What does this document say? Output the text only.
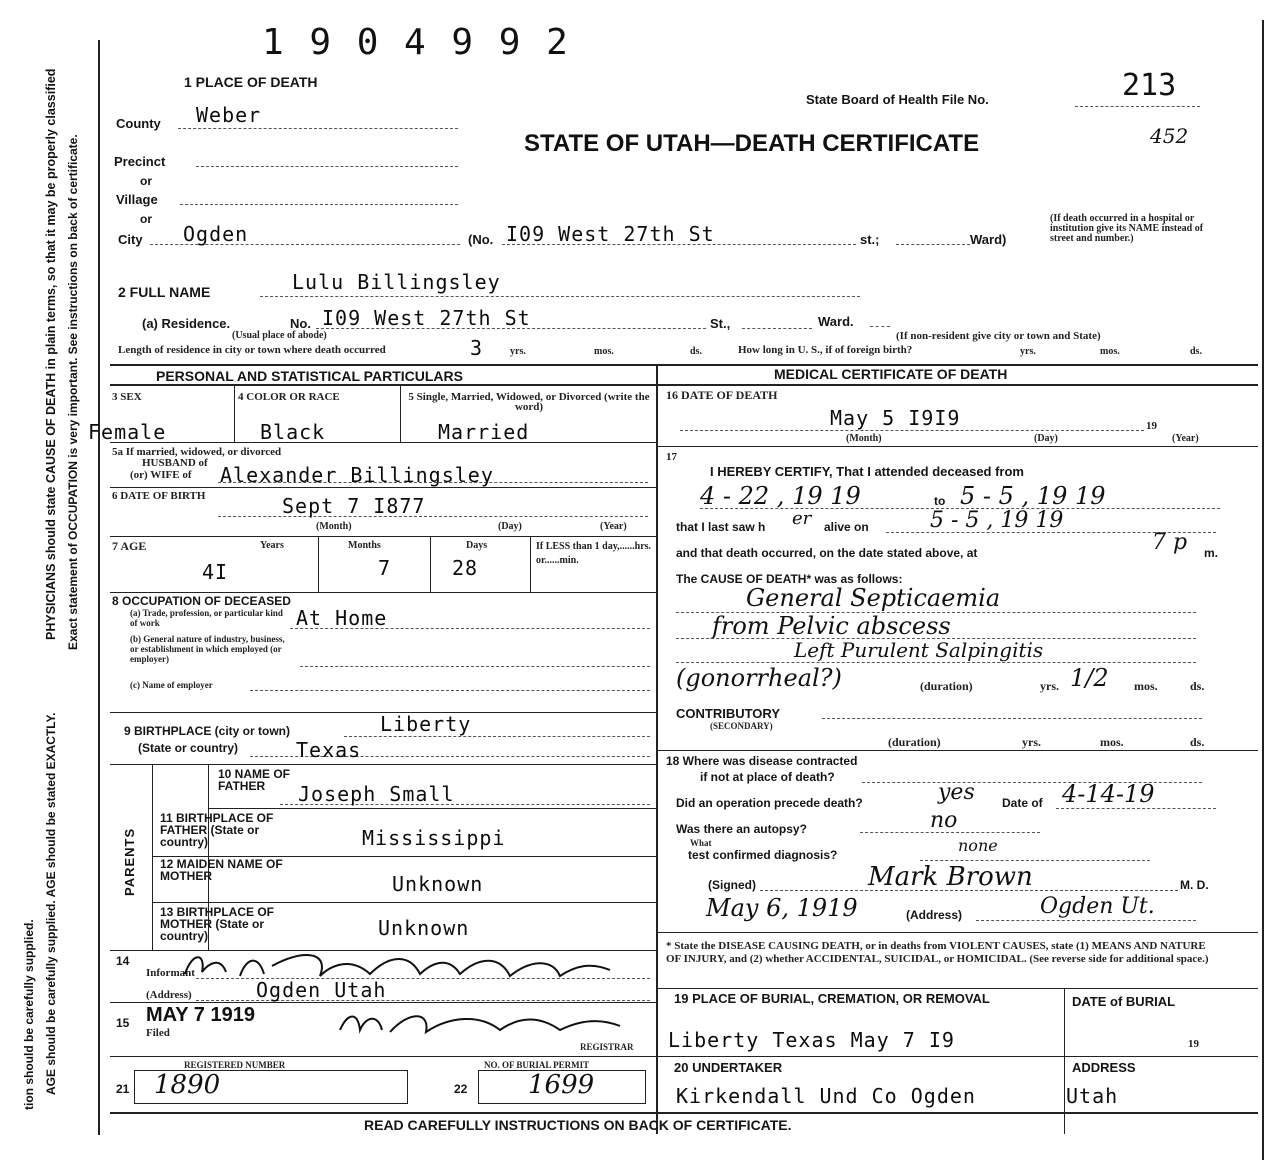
PHYSICIANS should state CAUSE OF DEATH in plain terms, so that it may be properly classified Exact statement of OCCUPATION is very important. See instructions on back of certificate.
AGE should be carefully supplied. AGE should be stated EXACTLY.
tion should be carefully supplied.
1 9 0 4 9 9 2
1 PLACE OF DEATH
State Board of Health File No.	213
452
STATE OF UTAH—DEATH CERTIFICATE
County Weber
Precinct
or
Village
or
City Ogden	(No. I09 West 27th St	st.;	Ward)
(If death occurred in a hospital or institution give its NAME instead of street and number.)
2 FULL NAME	Lulu Billingsley
(a) Residence.	No. I09 West 27th St
(Usual place of abode)
St.,	Ward.
(If non-resident give city or town and State)
Length of residence in city or town where death occurred	3	yrs.	mos.	ds.	How long in U. S., if of foreign birth?	yrs.	mos.	ds.
PERSONAL AND STATISTICAL PARTICULARS	MEDICAL CERTIFICATE OF DEATH
3 SEX	4 COLOR OR RACE	5 Single, Married, Widowed, or Divorced (write the word)
Female	Black	Married
5a If married, widowed, or divorced
HUSBAND of
(or) WIFE of Alexander Billingsley
6 DATE OF BIRTH	Sept 7 I877
(Month)	(Day)	(Year)
7 AGE	Years	Months	Days	If LESS than 1 day,......hrs. or......min.
4I	7	28
8 OCCUPATION OF DECEASED
(a) Trade, profession, or particular kind of work	At Home
(b) General nature of industry, business, or establishment in which employed (or employer)
(c) Name of employer
9 BIRTHPLACE (city or town)	Liberty
(State or country)	Texas
PARENTS
10 NAME OF FATHER	Joseph Small
11 BIRTHPLACE OF FATHER (State or country)	Mississippi
12 MAIDEN NAME OF MOTHER	Unknown
13 BIRTHPLACE OF MOTHER (State or country)	Unknown
14
Informant
(Address)	Ogden Utah
15 MAY 7 1919
Filed
REGISTRAR
REGISTERED NUMBER	NO. OF BURIAL PERMIT
21 1890	22 1699
16 DATE OF DEATH
May 5 I9I9	19
(Month)	(Day)	(Year)
17
I HEREBY CERTIFY, That I attended deceased from
4 - 22 , 19 19	to 5 - 5 , 19 19
that I last saw h er alive on	5 - 5 , 19 19
and that death occurred, on the date stated above, at	7 p m.
The CAUSE OF DEATH* was as follows:
General Septicaemia
from Pelvic abscess
Left Purulent Salpingitis
(gonorrheal?)	(duration)	yrs. 1/2 mos.	ds.
CONTRIBUTORY
(SECONDARY)
(duration)	yrs.	mos.	ds.
18 Where was disease contracted
if not at place of death?
Did an operation precede death?	yes Date of 4-14-19
Was there an autopsy?	no
What
test confirmed diagnosis?	none
(Signed)	Mark Brown	M. D.
May 6, 1919	(Address)	Ogden Ut.
* State the DISEASE CAUSING DEATH, or in deaths from VIOLENT CAUSES, state (1) MEANS AND NATURE OF INJURY, and (2) whether ACCIDENTAL, SUICIDAL, or HOMICIDAL. (See reverse side for additional space.)
19 PLACE OF BURIAL, CREMATION, OR REMOVAL	DATE of BURIAL
Liberty Texas May 7 I9	19
20 UNDERTAKER	ADDRESS
Kirkendall Und Co Ogden	Utah
READ CAREFULLY INSTRUCTIONS ON BACK OF CERTIFICATE.
